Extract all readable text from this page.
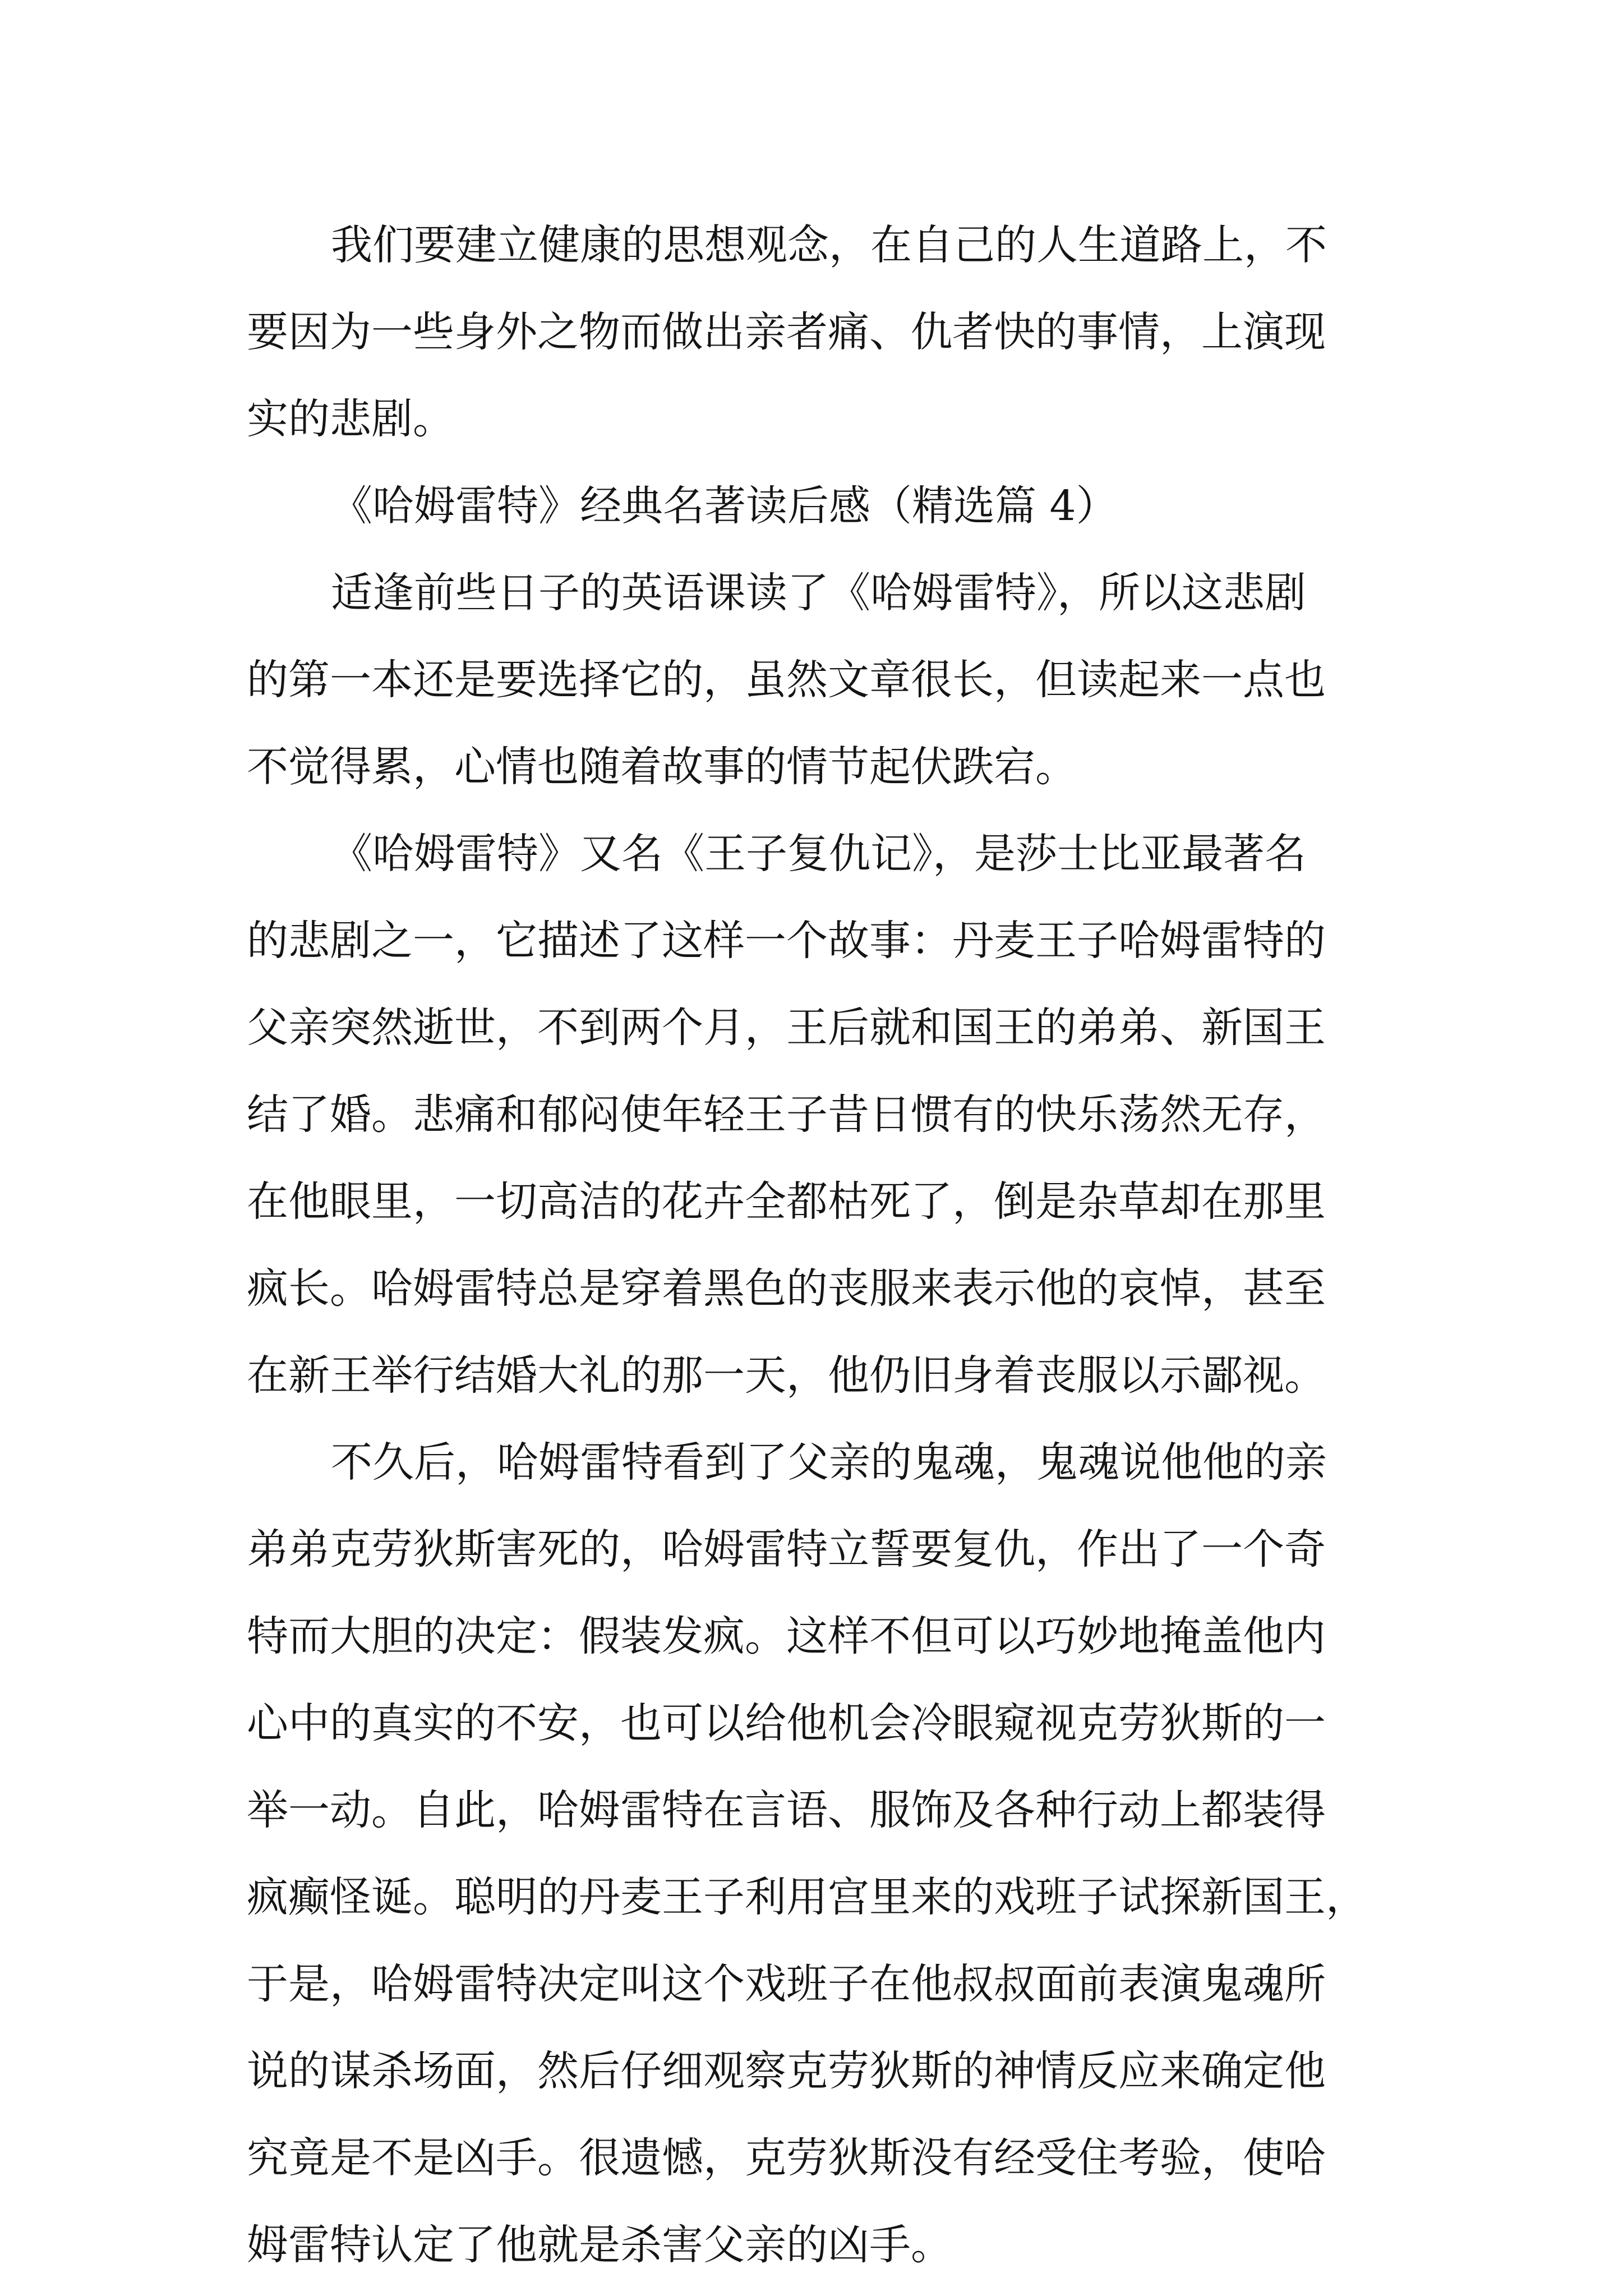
我们要建立健康的思想观念，在自己的人生道路上，不
要因为一些身外之物而做出亲者痛、仇者快的事情，上演现
实的悲剧。
《哈姆雷特》经典名著读后感（精选篇 4）
适逢前些日子的英语课读了《哈姆雷特》，所以这悲剧
的第一本还是要选择它的，虽然文章很长，但读起来一点也
不觉得累，心情也随着故事的情节起伏跌宕。
《哈姆雷特》又名《王子复仇记》，是莎士比亚最著名
的悲剧之一，它描述了这样一个故事：丹麦王子哈姆雷特的
父亲突然逝世，不到两个月，王后就和国王的弟弟、新国王
结了婚。悲痛和郁闷使年轻王子昔日惯有的快乐荡然无存，
在他眼里，一切高洁的花卉全都枯死了，倒是杂草却在那里
疯长。哈姆雷特总是穿着黑色的丧服来表示他的哀悼，甚至
在新王举行结婚大礼的那一天，他仍旧身着丧服以示鄙视。
不久后，哈姆雷特看到了父亲的鬼魂，鬼魂说他他的亲
弟弟克劳狄斯害死的，哈姆雷特立誓要复仇，作出了一个奇
特而大胆的决定：假装发疯。这样不但可以巧妙地掩盖他内
心中的真实的不安，也可以给他机会冷眼窥视克劳狄斯的一
举一动。自此，哈姆雷特在言语、服饰及各种行动上都装得
疯癫怪诞。聪明的丹麦王子利用宫里来的戏班子试探新国王，
于是，哈姆雷特决定叫这个戏班子在他叔叔面前表演鬼魂所
说的谋杀场面，然后仔细观察克劳狄斯的神情反应来确定他
究竟是不是凶手。很遗憾，克劳狄斯没有经受住考验，使哈
姆雷特认定了他就是杀害父亲的凶手。
